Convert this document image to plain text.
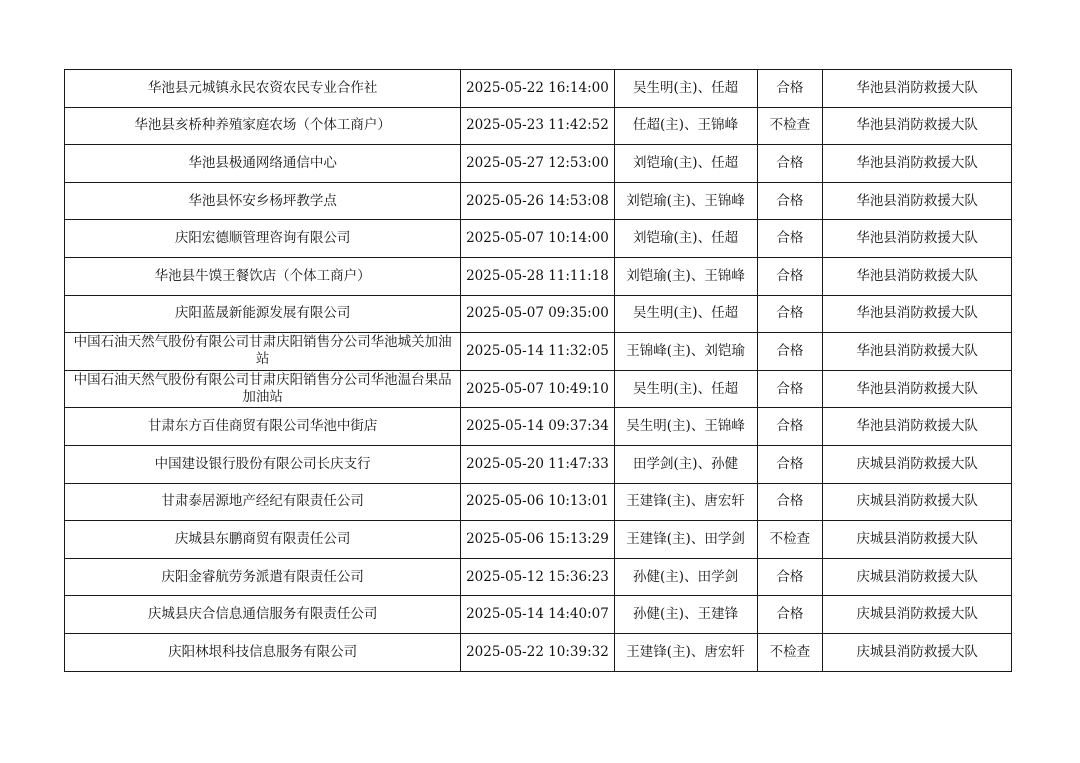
华池县元城镇永民农资农民专业合作社	2025-05-22 16:14:00	吴生明(主)、任超	合格	华池县消防救援大队
华池县亥桥种养殖家庭农场（个体工商户）	2025-05-23 11:42:52	任超(主)、王锦峰	不检查	华池县消防救援大队
华池县极通网络通信中心	2025-05-27 12:53:00	刘铠瑜(主)、任超	合格	华池县消防救援大队
华池县怀安乡杨坪教学点	2025-05-26 14:53:08	刘铠瑜(主)、王锦峰	合格	华池县消防救援大队
庆阳宏德顺管理咨询有限公司	2025-05-07 10:14:00	刘铠瑜(主)、任超	合格	华池县消防救援大队
华池县牛馍王餐饮店（个体工商户）	2025-05-28 11:11:18	刘铠瑜(主)、王锦峰	合格	华池县消防救援大队
庆阳蓝晟新能源发展有限公司	2025-05-07 09:35:00	吴生明(主)、任超	合格	华池县消防救援大队
中国石油天然气股份有限公司甘肃庆阳销售分公司华池城关加油站	2025-05-14 11:32:05	王锦峰(主)、刘铠瑜	合格	华池县消防救援大队
中国石油天然气股份有限公司甘肃庆阳销售分公司华池温台果品加油站	2025-05-07 10:49:10	吴生明(主)、任超	合格	华池县消防救援大队
甘肃东方百佳商贸有限公司华池中街店	2025-05-14 09:37:34	吴生明(主)、王锦峰	合格	华池县消防救援大队
中国建设银行股份有限公司长庆支行	2025-05-20 11:47:33	田学剑(主)、孙健	合格	庆城县消防救援大队
甘肃泰居源地产经纪有限责任公司	2025-05-06 10:13:01	王建锋(主)、唐宏轩	合格	庆城县消防救援大队
庆城县东鹏商贸有限责任公司	2025-05-06 15:13:29	王建锋(主)、田学剑	不检查	庆城县消防救援大队
庆阳金睿航劳务派遣有限责任公司	2025-05-12 15:36:23	孙健(主)、田学剑	合格	庆城县消防救援大队
庆城县庆合信息通信服务有限责任公司	2025-05-14 14:40:07	孙健(主)、王建锋	合格	庆城县消防救援大队
庆阳林垠科技信息服务有限公司	2025-05-22 10:39:32	王建锋(主)、唐宏轩	不检查	庆城县消防救援大队
